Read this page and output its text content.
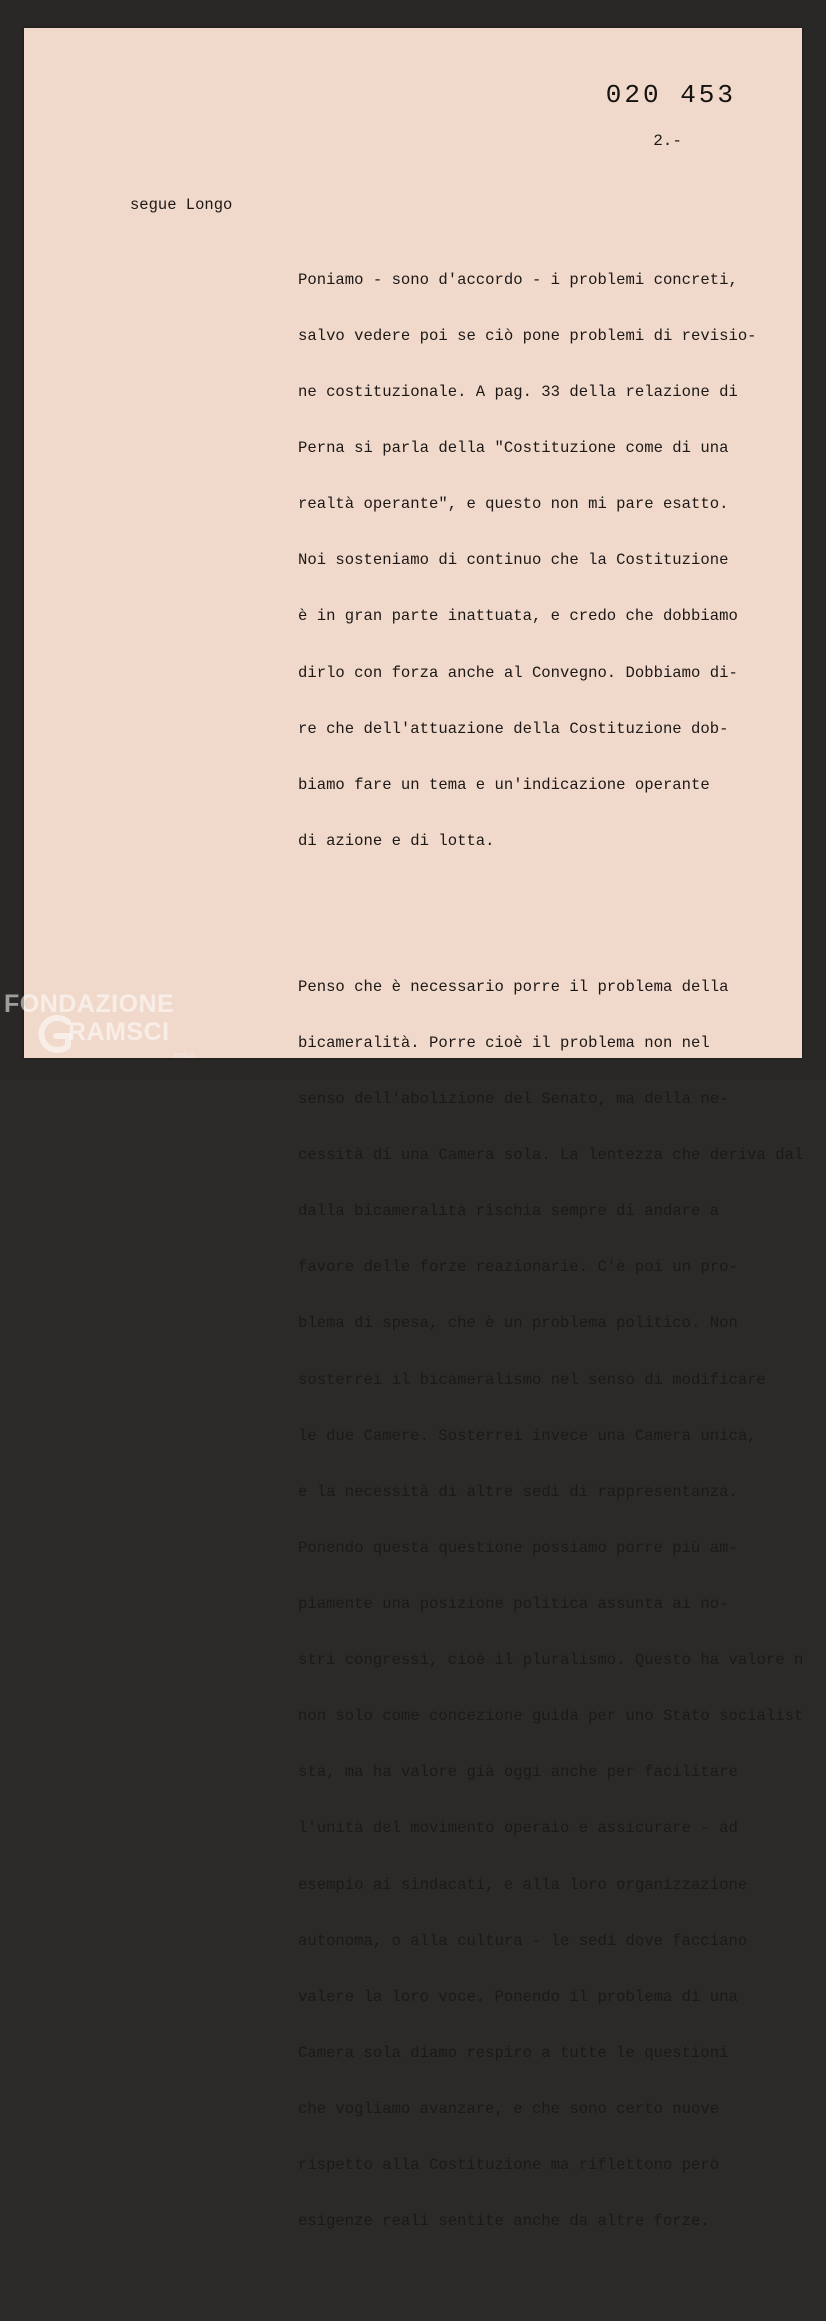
020 453
2.-
segue Longo

Poniamo - sono d'accordo - i problemi concreti,

salvo vedere poi se ciò pone problemi di revisio-

ne costituzionale. A pag. 33 della relazione di

Perna si parla della "Costituzione come di una

realtà operante", e questo non mi pare esatto.

Noi sosteniamo di continuo che la Costituzione

è in gran parte inattuata, e credo che dobbiamo

dirlo con forza anche al Convegno. Dobbiamo di-

re che dell'attuazione della Costituzione dob-

biamo fare un tema e un'indicazione operante

di azione e di lotta.

Penso che è necessario porre il problema della

bicameralità. Porre cioè il problema non nel

senso dell'abolizione del Senato, ma della ne-

cessità di una Camera sola. La lentezza che deriva dal

dalla bicameralità rischia sempre di andare a

favore delle forze reazionarie. C'è poi un pro-

blema di spesa, che è un problema politico. Non

sosterrei il bicameralismo nel senso di modificare

le due Camere. Sosterrei invece una Camera unica,

e la necessità di altre sedi di rappresentanza.

Ponendo questa questione possiamo porre più am-

piamente una posizione politica assunta ai no-

stri congressi, cioè il pluralismo. Questo ha valore n

non solo come concezione guida per uno Stato socialist

sta, ma ha valore già oggi anche per facilitare

l'unità del movimento operaio e assicurare - ad

esempio ai sindacati, e alla loro organizzazione

autonoma, o alla cultura - le sedi dove facciano

valere la loro voce. Ponendo il problema di una

Camera sola diamo respiro a tutte le questioni

che vogliamo avanzare, e che sono certo nuove

rispetto alla Costituzione ma riflettono però

esigenze reali sentite anche da altre forze.

FONDAZIONE
RAMSCI
onlus
